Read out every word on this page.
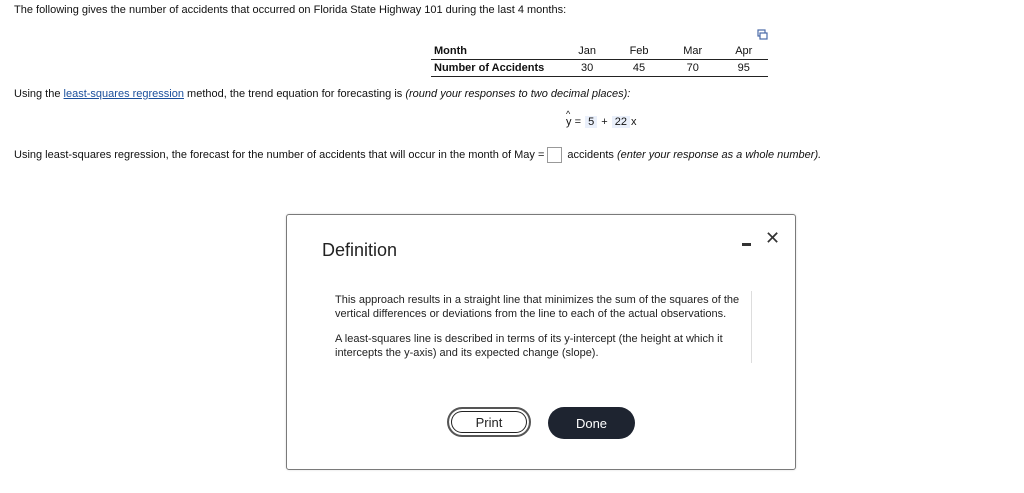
The following gives the number of accidents that occurred on Florida State Highway 101 during the last 4 months:
Month	Jan	Feb	Mar	Apr
Number of Accidents	30	45	70	95
Using the least-squares regression method, the trend equation for forecasting is (round your responses to two decimal places):
^ y = 5 + 22 x
Using least-squares regression, the forecast for the number of accidents that will occur in the month of May = accidents (enter your response as a whole number).
Definition
✕

This approach results in a straight line that minimizes the sum of the squares of the vertical differences or deviations from the line to each of the actual observations.

A least-squares line is described in terms of its y-intercept (the height at which it intercepts the y-axis) and its expected change (slope).

Print	Done
